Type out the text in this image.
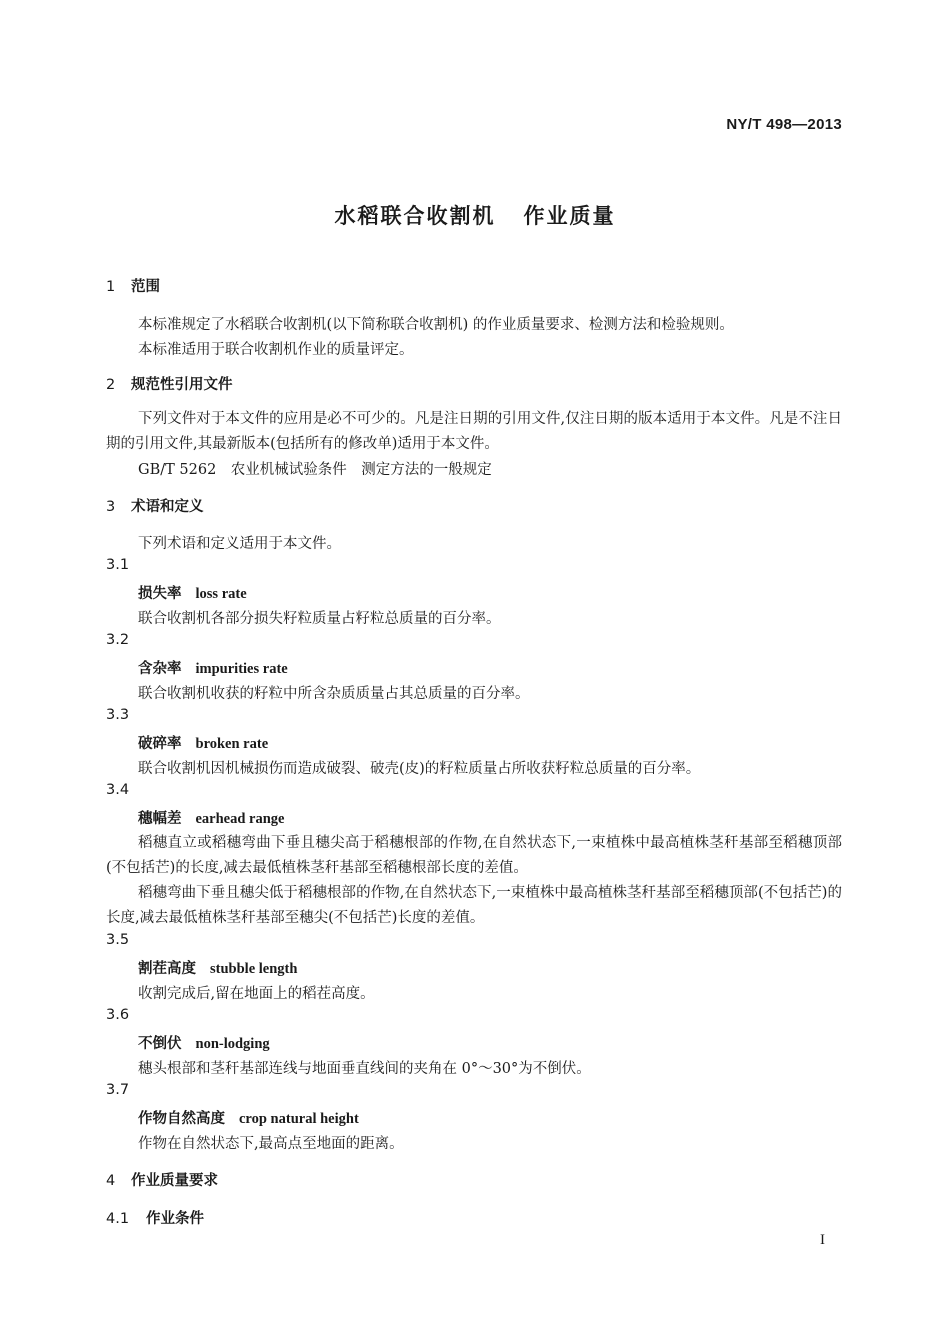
NY/T 498—2013
水稻联合收割机 作业质量
1 范围
本标准规定了水稻联合收割机(以下简称联合收割机) 的作业质量要求、检测方法和检验规则。
本标准适用于联合收割机作业的质量评定。
2 规范性引用文件
下列文件对于本文件的应用是必不可少的。凡是注日期的引用文件,仅注日期的版本适用于本文件。凡是不注日期的引用文件,其最新版本(包括所有的修改单)适用于本文件。
GB/T 5262　农业机械试验条件　测定方法的一般规定
3 术语和定义
下列术语和定义适用于本文件。
3.1
损失率 loss rate
联合收割机各部分损失籽粒质量占籽粒总质量的百分率。
3.2
含杂率 impurities rate
联合收割机收获的籽粒中所含杂质质量占其总质量的百分率。
3.3
破碎率 broken rate
联合收割机因机械损伤而造成破裂、破壳(皮)的籽粒质量占所收获籽粒总质量的百分率。
3.4
穗幅差 earhead range
稻穗直立或稻穗弯曲下垂且穗尖高于稻穗根部的作物,在自然状态下,一束植株中最高植株茎秆基部至稻穗顶部(不包括芒)的长度,减去最低植株茎秆基部至稻穗根部长度的差值。
稻穗弯曲下垂且穗尖低于稻穗根部的作物,在自然状态下,一束植株中最高植株茎秆基部至稻穗顶部(不包括芒)的长度,减去最低植株茎秆基部至穗尖(不包括芒)长度的差值。
3.5
割茬高度 stubble length
收割完成后,留在地面上的稻茬高度。
3.6
不倒伏 non-lodging
穗头根部和茎秆基部连线与地面垂直线间的夹角在 0°～30°为不倒伏。
3.7
作物自然高度 crop natural height
作物在自然状态下,最高点至地面的距离。
4 作业质量要求
4.1 作业条件
I
